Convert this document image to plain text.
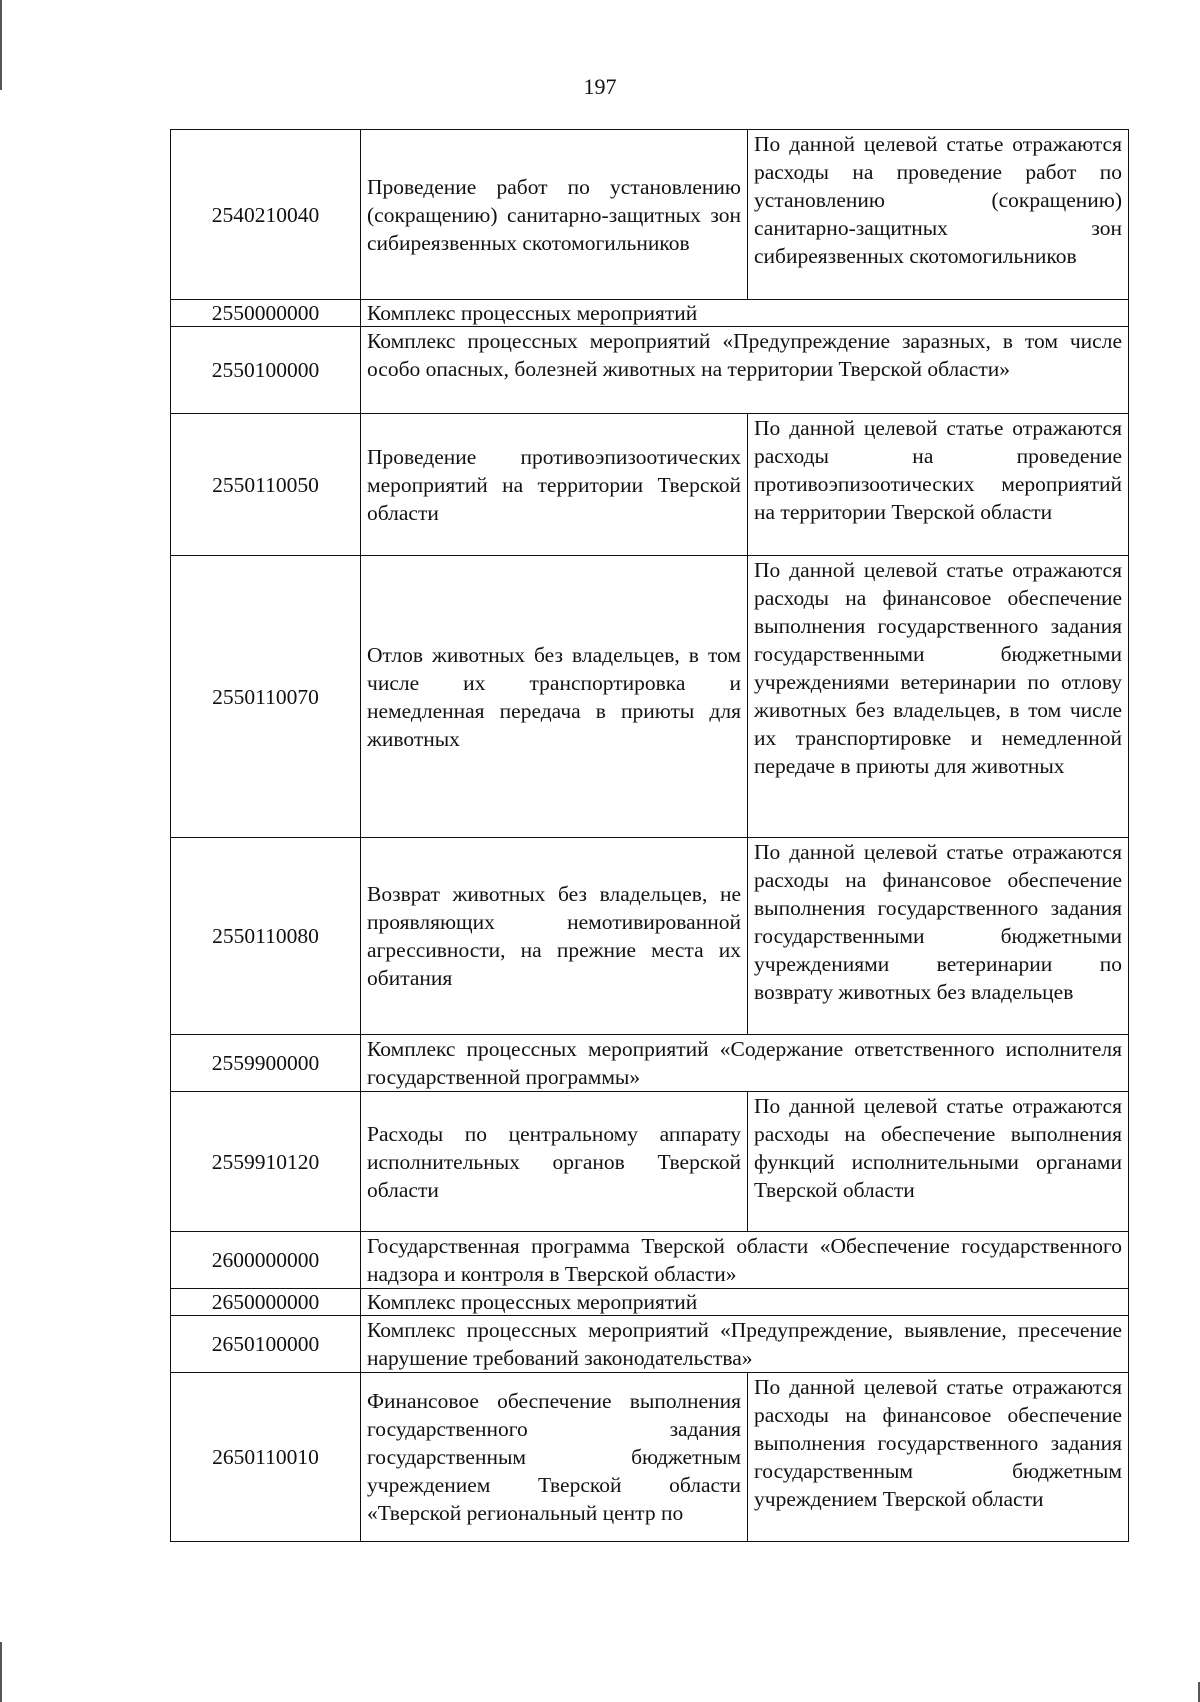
197
2540210040	Проведение работ по установлению (сокращению) санитарно-защитных зон сибиреязвенных скотомогильников	По данной целевой статье отражаются расходы на проведение работ по установлению (сокращению) санитарно-защитных зон сибиреязвенных скотомогильников
2550000000	Комплекс процессных мероприятий	
2550100000	Комплекс процессных мероприятий «Предупреждение заразных, в том числе особо опасных, болезней животных на территории Тверской области»	
2550110050	Проведение противоэпизоотических мероприятий на территории Тверской области	По данной целевой статье отражаются расходы на проведение противоэпизоотических мероприятий на территории Тверской области
2550110070	Отлов животных без владельцев, в том числе их транспортировка и немедленная передача в приюты для животных	По данной целевой статье отражаются расходы на финансовое обеспечение выполнения государственного задания государственными бюджетными учреждениями ветеринарии по отлову животных без владельцев, в том числе их транспортировке и немедленной передаче в приюты для животных
2550110080	Возврат животных без владельцев, не проявляющих немотивированной агрессивности, на прежние места их обитания	По данной целевой статье отражаются расходы на финансовое обеспечение выполнения государственного задания государственными бюджетными учреждениями ветеринарии по возврату животных без владельцев
2559900000	Комплекс процессных мероприятий «Содержание ответственного исполнителя государственной программы»	
2559910120	Расходы по центральному аппарату исполнительных органов Тверской области	По данной целевой статье отражаются расходы на обеспечение выполнения функций исполнительными органами Тверской области
2600000000	Государственная программа Тверской области «Обеспечение государственного надзора и контроля в Тверской области»	
2650000000	Комплекс процессных мероприятий	
2650100000	Комплекс процессных мероприятий «Предупреждение, выявление, пресечение нарушение требований законодательства»	
2650110010	Финансовое обеспечение выполнения государственного задания государственным бюджетным учреждением Тверской области «Тверской региональный центр по	По данной целевой статье отражаются расходы на финансовое обеспечение выполнения государственного задания государственным бюджетным учреждением Тверской области
